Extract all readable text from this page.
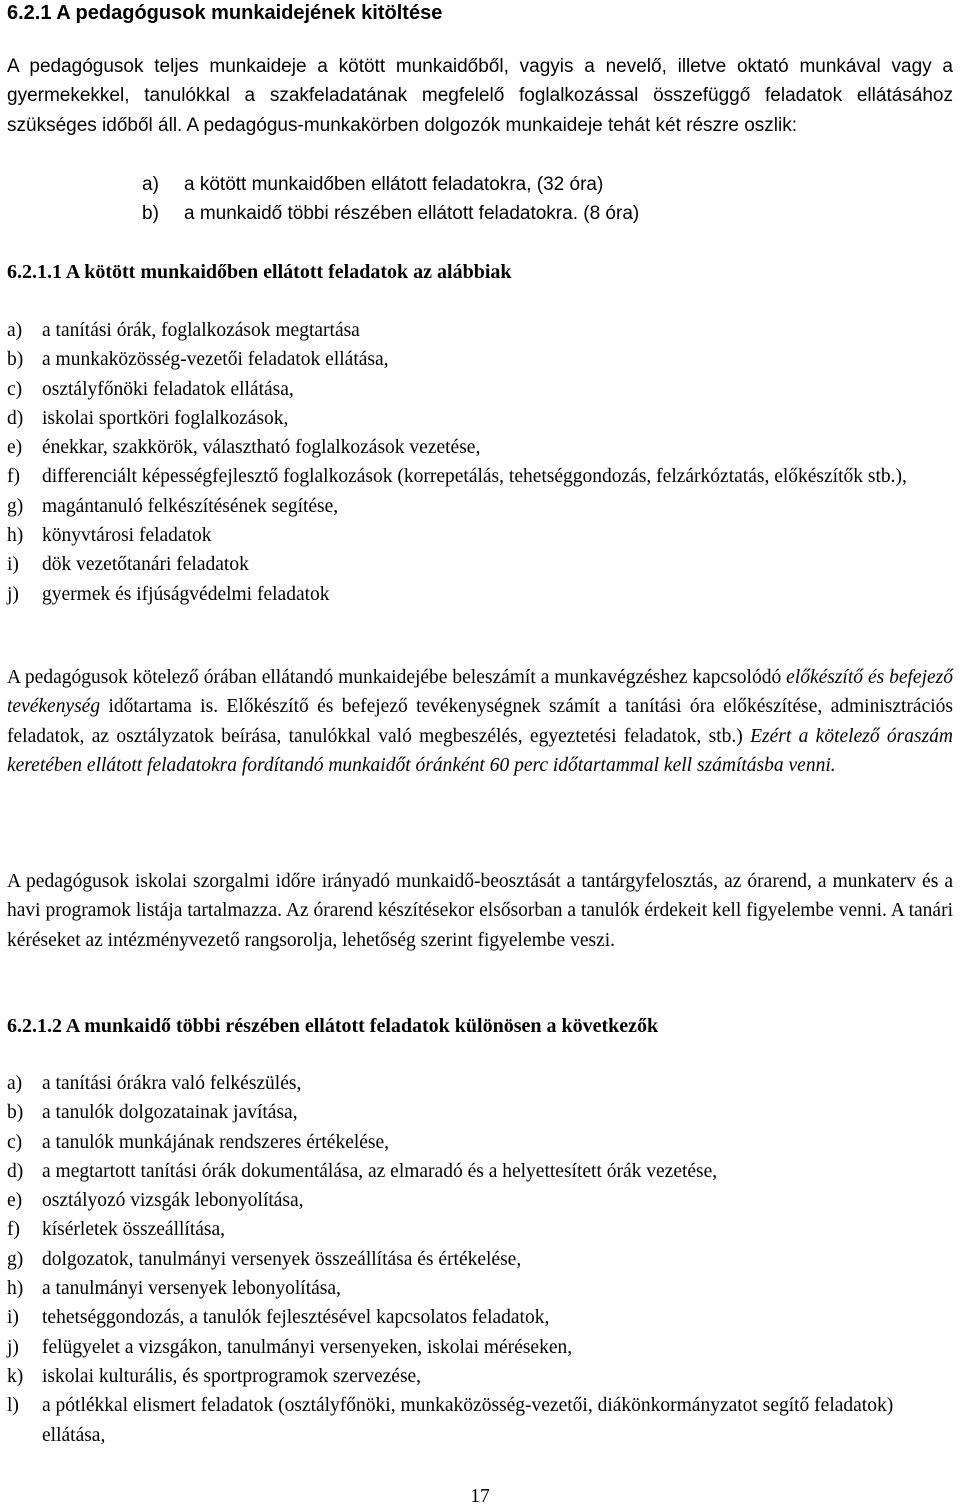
6.2.1 A pedagógusok munkaidejének kitöltése
A pedagógusok teljes munkaideje a kötött munkaidőből, vagyis a nevelő, illetve oktató munkával vagy a gyermekekkel, tanulókkal a szakfeladatának megfelelő foglalkozással összefüggő feladatok ellátásához szükséges időből áll. A pedagógus-munkakörben dolgozók munkaideje tehát két részre oszlik:
a)	a kötött munkaidőben ellátott feladatokra, (32 óra)
b)	a munkaidő többi részében ellátott feladatokra. (8 óra)
6.2.1.1 A kötött munkaidőben ellátott feladatok az alábbiak
a)	a tanítási órák, foglalkozások megtartása
b) a munkaközösség-vezetői feladatok ellátása,
c)	osztályfőnöki feladatok ellátása,
d) iskolai sportköri foglalkozások,
e)	énekkar, szakkörök, választható foglalkozások vezetése,
f)	differenciált képességfejlesztő foglalkozások (korrepetálás, tehetséggondozás, felzárkóztatás, előkészítők stb.),
g) magántanuló felkészítésének segítése,
h) könyvtárosi feladatok
i)	dök vezetőtanári feladatok
j)	gyermek és ifjúságvédelmi feladatok
A pedagógusok kötelező órában ellátandó munkaidejébe beleszámít a munkavégzéshez kapcsolódó előkészítő és befejező tevékenység időtartama is. Előkészítő és befejező tevékenységnek számít a tanítási óra előkészítése, adminisztrációs feladatok, az osztályzatok beírása, tanulókkal való megbeszélés, egyeztetési feladatok, stb.) Ezért a kötelező óraszám keretében ellátott feladatokra fordítandó munkaidőt óránként 60 perc időtartammal kell számításba venni.
A pedagógusok iskolai szorgalmi időre irányadó munkaidő-beosztását a tantárgyfelosztás, az órarend, a munkaterv és a havi programok listája tartalmazza. Az órarend készítésekor elsősorban a tanulók érdekeit kell figyelembe venni. A tanári kéréseket az intézményvezető rangsorolja, lehetőség szerint figyelembe veszi.
6.2.1.2 A munkaidő többi részében ellátott feladatok különösen a következők
a)	a tanítási órákra való felkészülés,
b) a tanulók dolgozatainak javítása,
c)	a tanulók munkájának rendszeres értékelése,
d) a megtartott tanítási órák dokumentálása, az elmaradó és a helyettesített órák vezetése,
e)	osztályozó vizsgák lebonyolítása,
f)	kísérletek összeállítása,
g) dolgozatok, tanulmányi versenyek összeállítása és értékelése,
h) a tanulmányi versenyek lebonyolítása,
i)	tehetséggondozás, a tanulók fejlesztésével kapcsolatos feladatok,
j)	felügyelet a vizsgákon, tanulmányi versenyeken, iskolai méréseken,
k) iskolai kulturális, és sportprogramok szervezése,
l)	a pótlékkal elismert feladatok (osztályfőnöki, munkaközösség-vezetői, diákönkormányzatot segítő feladatok) ellátása,
17
